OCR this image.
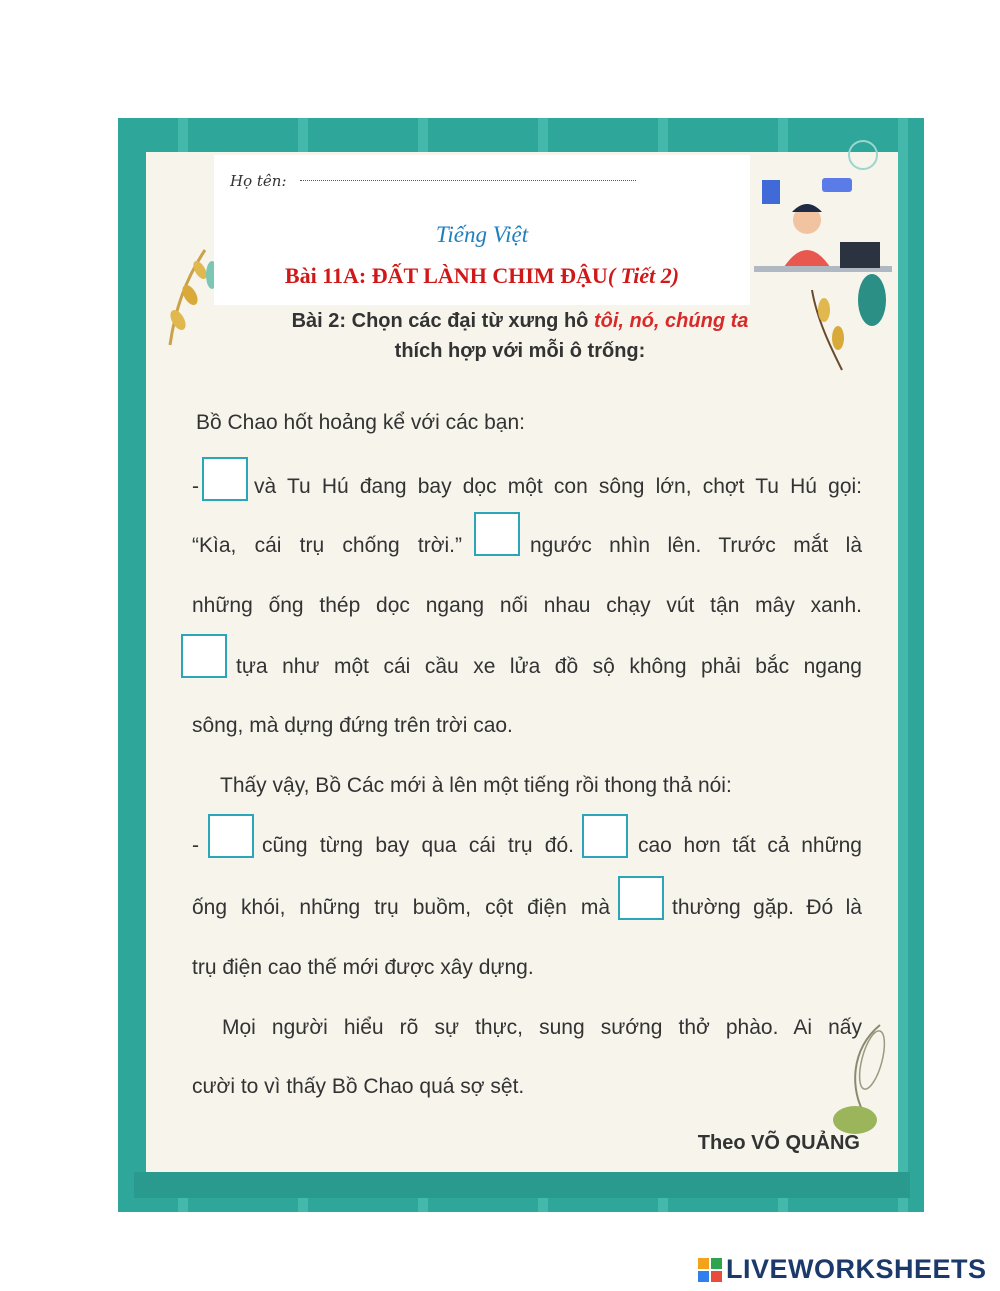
Họ tên:
Tiếng Việt
Bài 11A: ĐẤT LÀNH CHIM ĐẬU( Tiết 2)
Bài 2: Chọn các đại từ xưng hô tôi, nó, chúng ta
thích hợp với mỗi ô trống:
Bồ Chao hốt hoảng kể với các bạn:
-	và Tu Hú đang bay dọc một con sông lớn, chợt Tu Hú gọi:
“Kìa, cái trụ chống trời.”	ngước nhìn lên. Trước mắt là
những ống thép dọc ngang nối nhau chạy vút tận mây xanh.
tựa như một cái cầu xe lửa đồ sộ không phải bắc ngang
sông, mà dựng đứng trên trời cao.
Thấy vậy, Bồ Các mới à lên một tiếng rồi thong thả nói:
-	cũng từng bay qua cái trụ đó.	cao hơn tất cả những
ống khói, những trụ buồm, cột điện mà	thường gặp. Đó là
trụ điện cao thế mới được xây dựng.
Mọi người hiểu rõ sự thực, sung sướng thở phào. Ai nấy
cười to vì thấy Bồ Chao quá sợ sệt.
Theo VÕ QUẢNG
LIVEWORKSHEETS
